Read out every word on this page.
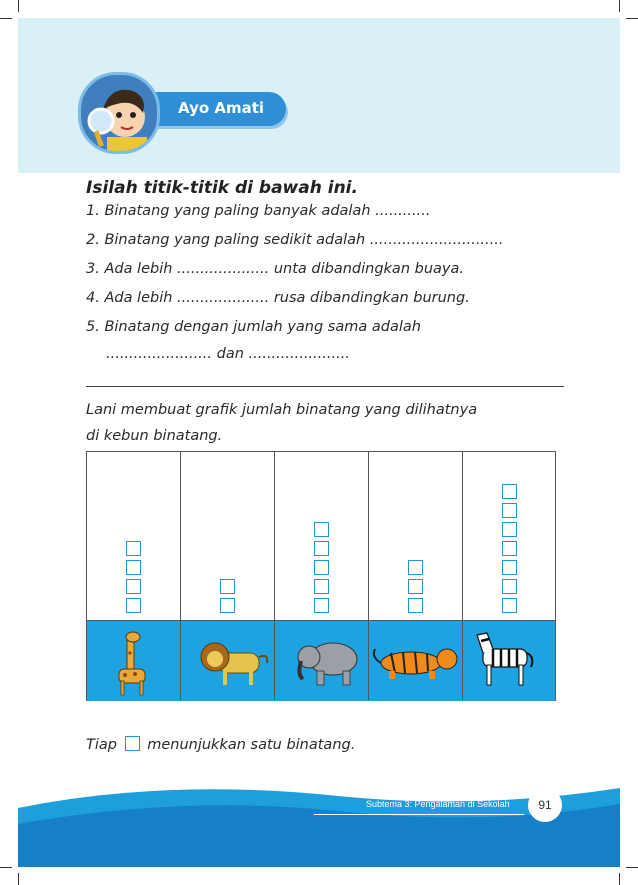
Ayo Amati
Isilah titik-titik di bawah ini.
1. Binatang yang paling banyak adalah ............
2. Binatang yang paling sedikit adalah .............................
3. Ada lebih .................... unta dibandingkan buaya.
4. Ada lebih .................... rusa dibandingkan burung.
5. Binatang dengan jumlah yang sama adalah
....................... dan ......................
Lani membuat grafik jumlah binatang yang dilihatnya
di kebun binatang.
Tiap menunjukkan satu binatang.
Subtema 3: Pengalaman di Sekolah	91
